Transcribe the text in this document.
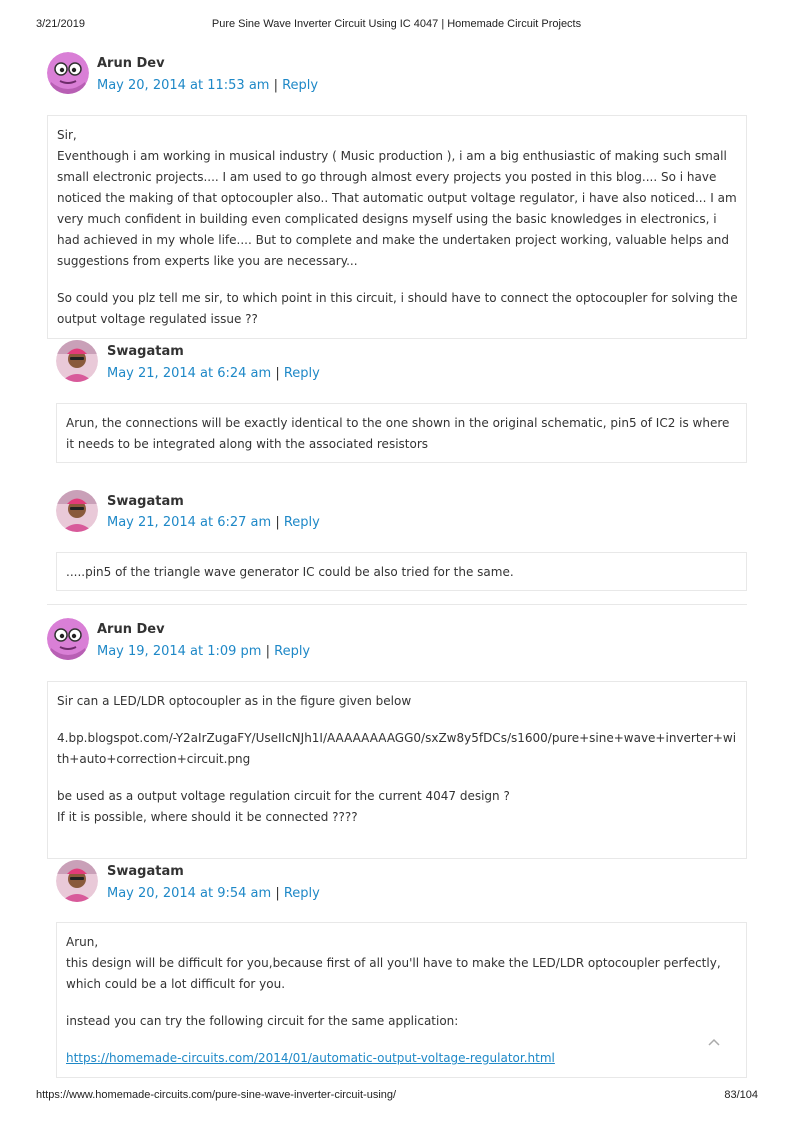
3/21/2019	Pure Sine Wave Inverter Circuit Using IC 4047 | Homemade Circuit Projects
Arun Dev
May 20, 2014 at 11:53 am | Reply

Sir,
Eventhough i am working in musical industry ( Music production ), i am a big enthusiastic of making such small small electronic projects.... I am used to go through almost every projects you posted in this blog.... So i have noticed the making of that optocoupler also.. That automatic output voltage regulator, i have also noticed... I am very much confident in building even complicated designs myself using the basic knowledges in electronics, i had achieved in my whole life.... But to complete and make the undertaken project working, valuable helps and suggestions from experts like you are necessary...

So could you plz tell me sir, to which point in this circuit, i should have to connect the optocoupler for solving the output voltage regulated issue ??

Swagatam
May 21, 2014 at 6:24 am | Reply

Arun, the connections will be exactly identical to the one shown in the original schematic, pin5 of IC2 is where it needs to be integrated along with the associated resistors

Swagatam
May 21, 2014 at 6:27 am | Reply

.....pin5 of the triangle wave generator IC could be also tried for the same.

Arun Dev
May 19, 2014 at 1:09 pm | Reply

Sir can a LED/LDR optocoupler as in the figure given below

4.bp.blogspot.com/-Y2aIrZugaFY/UseIIcNJh1I/AAAAAAAAGG0/sxZw8y5fDCs/s1600/pure+sine+wave+inverter+with+auto+correction+circuit.png

be used as a output voltage regulation circuit for the current 4047 design ?
If it is possible, where should it be connected ????

Swagatam
May 20, 2014 at 9:54 am | Reply

Arun,
this design will be difficult for you,because first of all you'll have to make the LED/LDR optocoupler perfectly, which could be a lot difficult for you.

instead you can try the following circuit for the same application:

https://homemade-circuits.com/2014/01/automatic-output-voltage-regulator.html

https://www.homemade-circuits.com/pure-sine-wave-inverter-circuit-using/	83/104
